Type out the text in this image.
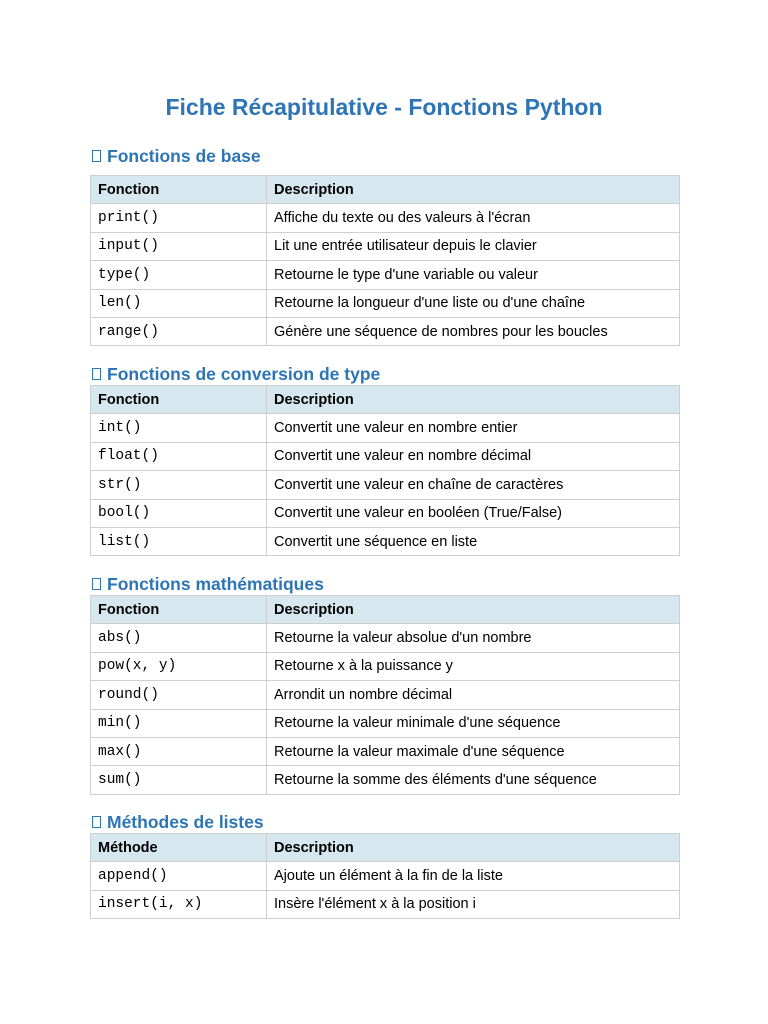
Fiche Récapitulative - Fonctions Python
Fonctions de base
Fonction	Description
print()	Affiche du texte ou des valeurs à l'écran
input()	Lit une entrée utilisateur depuis le clavier
type()	Retourne le type d'une variable ou valeur
len()	Retourne la longueur d'une liste ou d'une chaîne
range()	Génère une séquence de nombres pour les boucles
Fonctions de conversion de type
Fonction	Description
int()	Convertit une valeur en nombre entier
float()	Convertit une valeur en nombre décimal
str()	Convertit une valeur en chaîne de caractères
bool()	Convertit une valeur en booléen (True/False)
list()	Convertit une séquence en liste
Fonctions mathématiques
Fonction	Description
abs()	Retourne la valeur absolue d'un nombre
pow(x, y)	Retourne x à la puissance y
round()	Arrondit un nombre décimal
min()	Retourne la valeur minimale d'une séquence
max()	Retourne la valeur maximale d'une séquence
sum()	Retourne la somme des éléments d'une séquence
Méthodes de listes
Méthode	Description
append()	Ajoute un élément à la fin de la liste
insert(i, x)	Insère l'élément x à la position i
